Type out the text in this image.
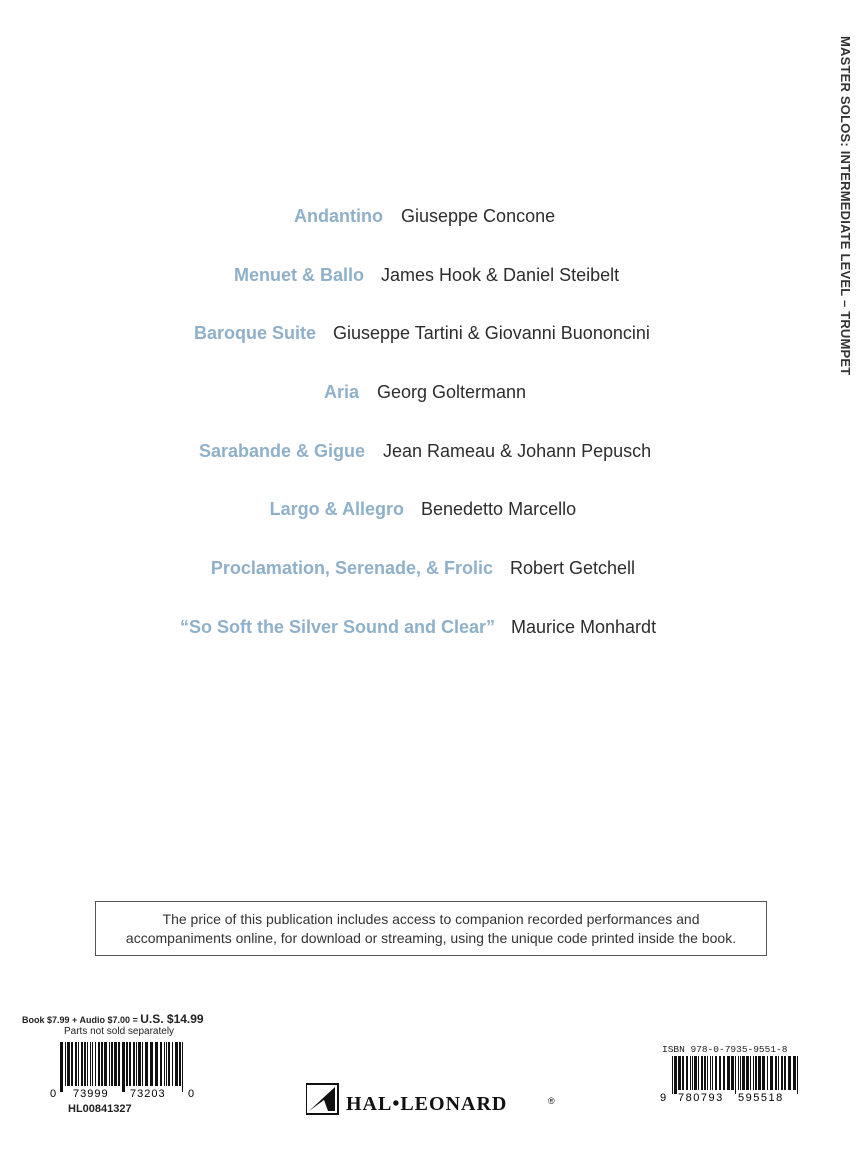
MASTER SOLOS: INTERMEDIATE LEVEL – TRUMPET
Andantino Giuseppe Concone
Menuet & Ballo James Hook & Daniel Steibelt
Baroque Suite Giuseppe Tartini & Giovanni Buononcini
Aria Georg Goltermann
Sarabande & Gigue Jean Rameau & Johann Pepusch
Largo & Allegro Benedetto Marcello
Proclamation, Serenade, & Frolic Robert Getchell
“So Soft the Silver Sound and Clear” Maurice Monhardt
The price of this publication includes access to companion recorded performances and
accompaniments online, for download or streaming, using the unique code printed inside the book.
Book $7.99 + Audio $7.00 = U.S. $14.99
Parts not sold separately
0 73999 73203 0
HL00841327	HAL•LEONARD	®
ISBN 978-0-7935-9551-8
9 780793 595518
